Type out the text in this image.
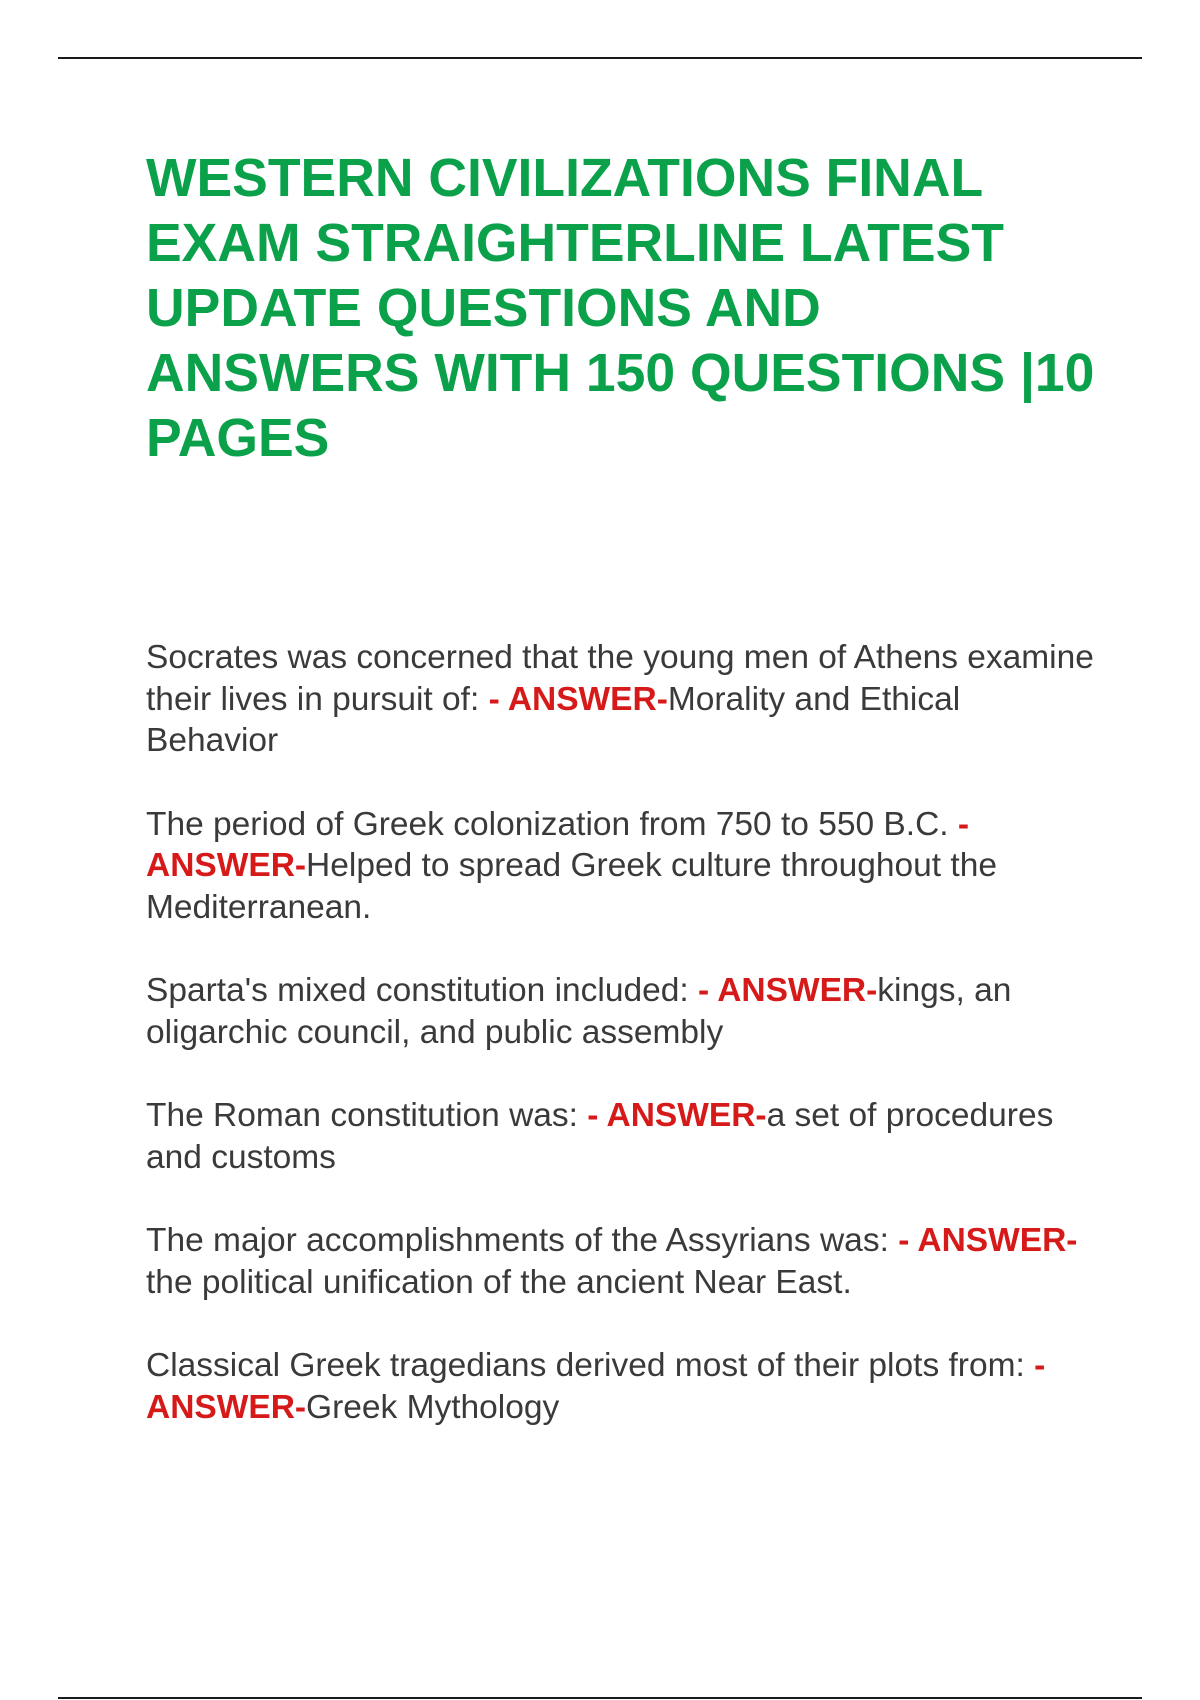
WESTERN CIVILIZATIONS FINAL EXAM STRAIGHTERLINE LATEST UPDATE QUESTIONS AND ANSWERS WITH 150 QUESTIONS |10 PAGES
Socrates was concerned that the young men of Athens examine their lives in pursuit of: - ANSWER-Morality and Ethical Behavior
The period of Greek colonization from 750 to 550 B.C. - ANSWER-Helped to spread Greek culture throughout the Mediterranean.
Sparta's mixed constitution included: - ANSWER-kings, an oligarchic council, and public assembly
The Roman constitution was: - ANSWER-a set of procedures and customs
The major accomplishments of the Assyrians was: - ANSWER-the political unification of the ancient Near East.
Classical Greek tragedians derived most of their plots from: - ANSWER-Greek Mythology
